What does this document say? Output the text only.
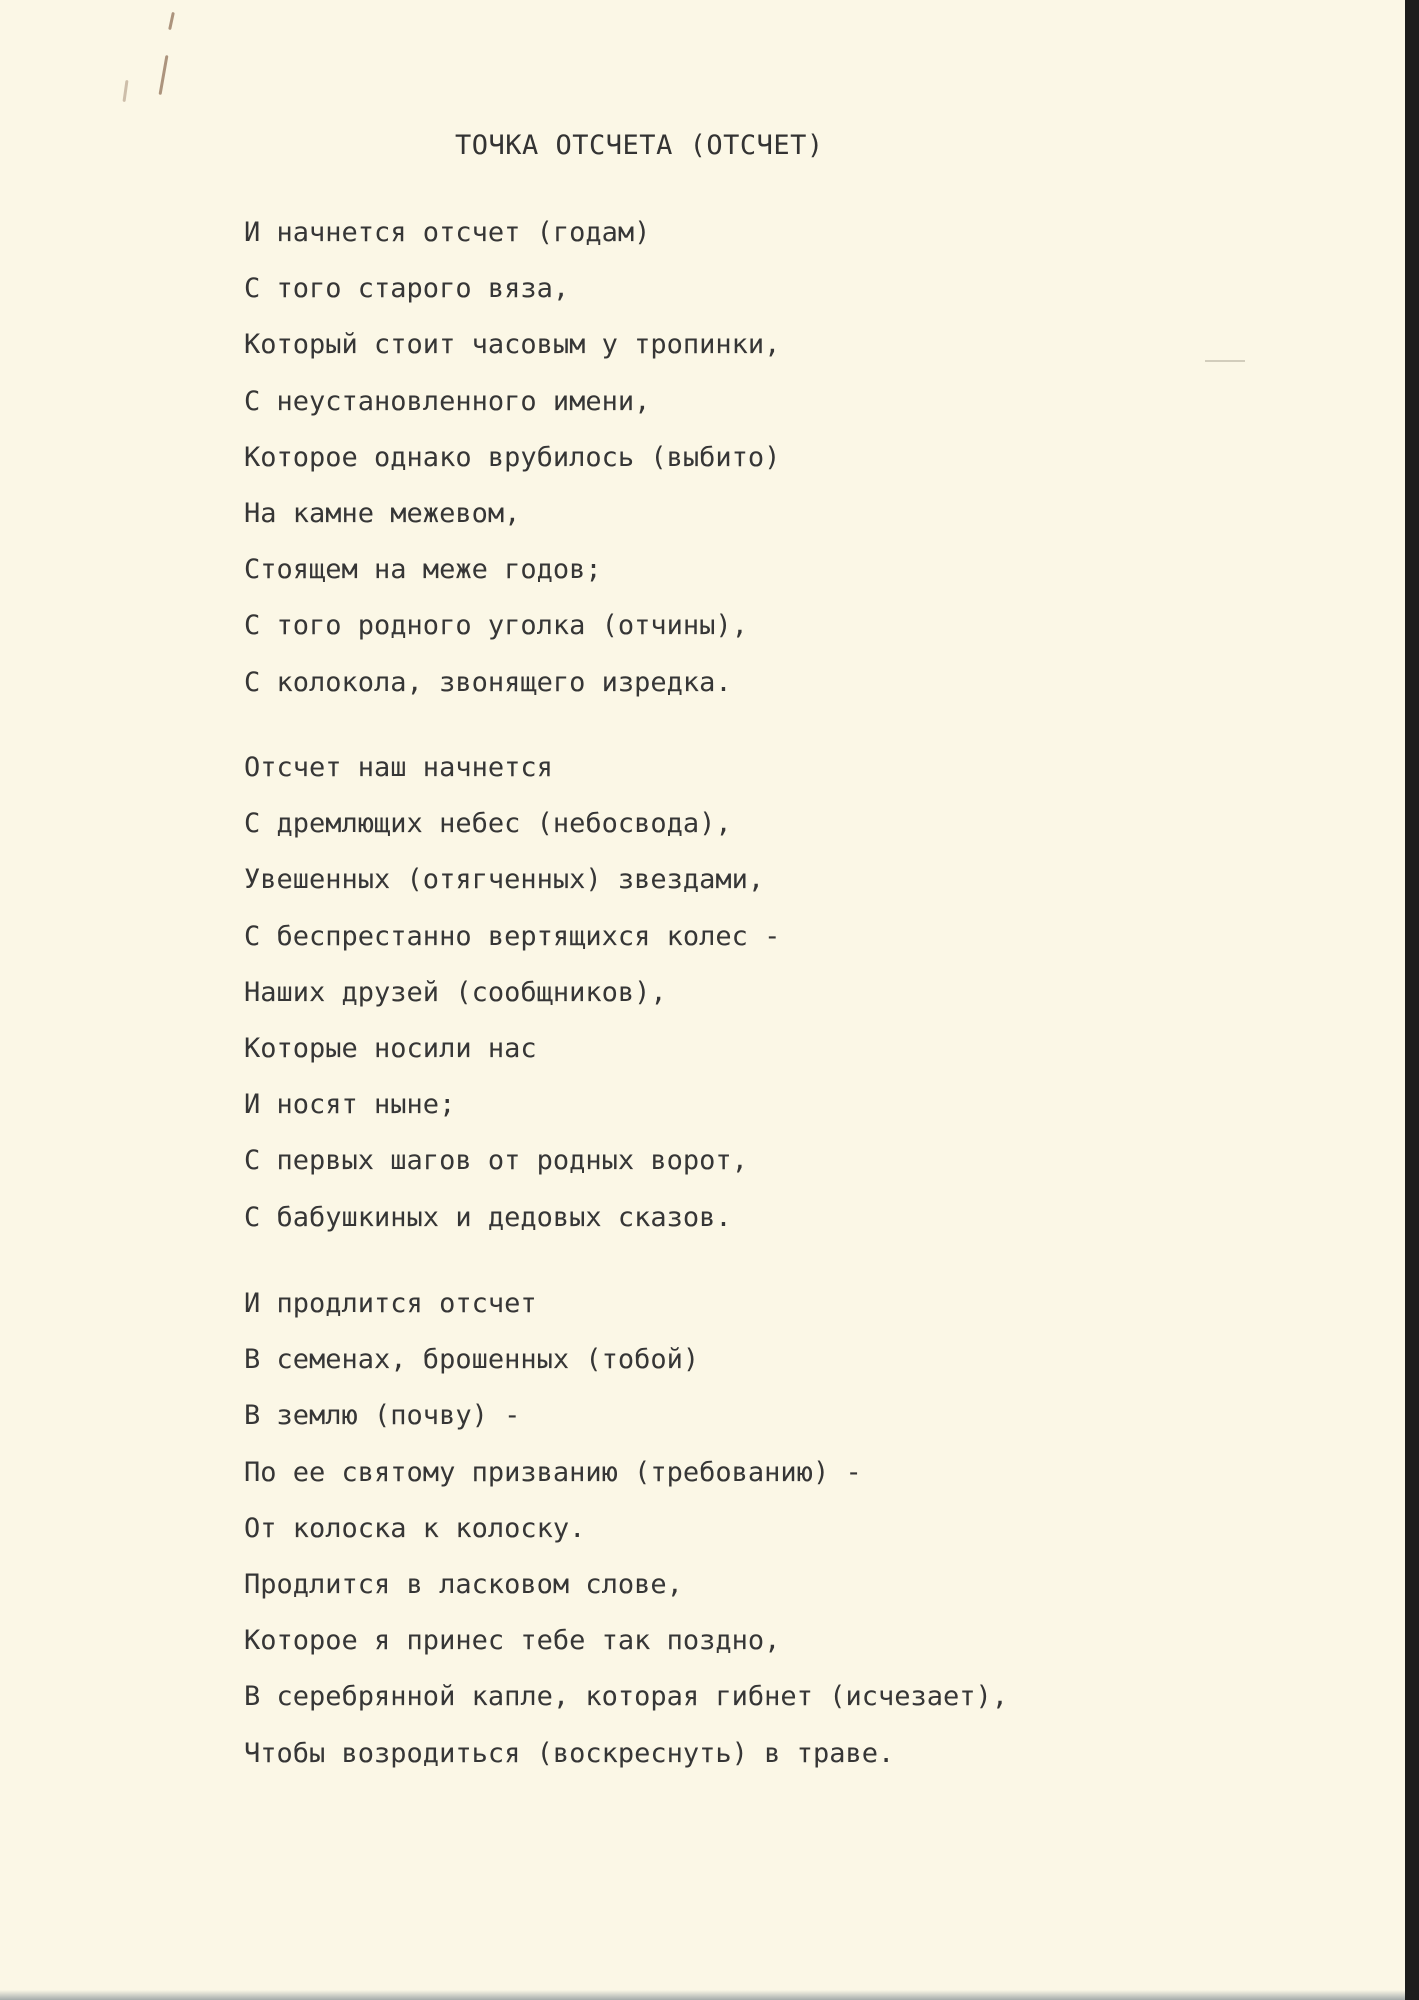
ТОЧКА ОТСЧЕТА (ОТСЧЕТ)
И начнется отсчет (годам)
С того старого вяза,
Который стоит часовым у тропинки,
С неустановленного имени,
Которое однако врубилось (выбито)
На камне межевом,
Стоящем на меже годов;
С того родного уголка (отчины),
С колокола, звонящего изредка.
Отсчет наш начнется
С дремлющих небес (небосвода),
Увешенных (отягченных) звездами,
С беспрестанно вертящихся колес -
Наших друзей (сообщников),
Которые носили нас
И носят ныне;
С первых шагов от родных ворот,
С бабушкиных и дедовых сказов.
И продлится отсчет
В семенах, брошенных (тобой)
В землю (почву) -
По ее святому призванию (требованию) -
От колоска к колоску.
Продлится в ласковом слове,
Которое я принес тебе так поздно,
В серебрянной капле, которая гибнет (исчезает),
Чтобы возродиться (воскреснуть) в траве.
